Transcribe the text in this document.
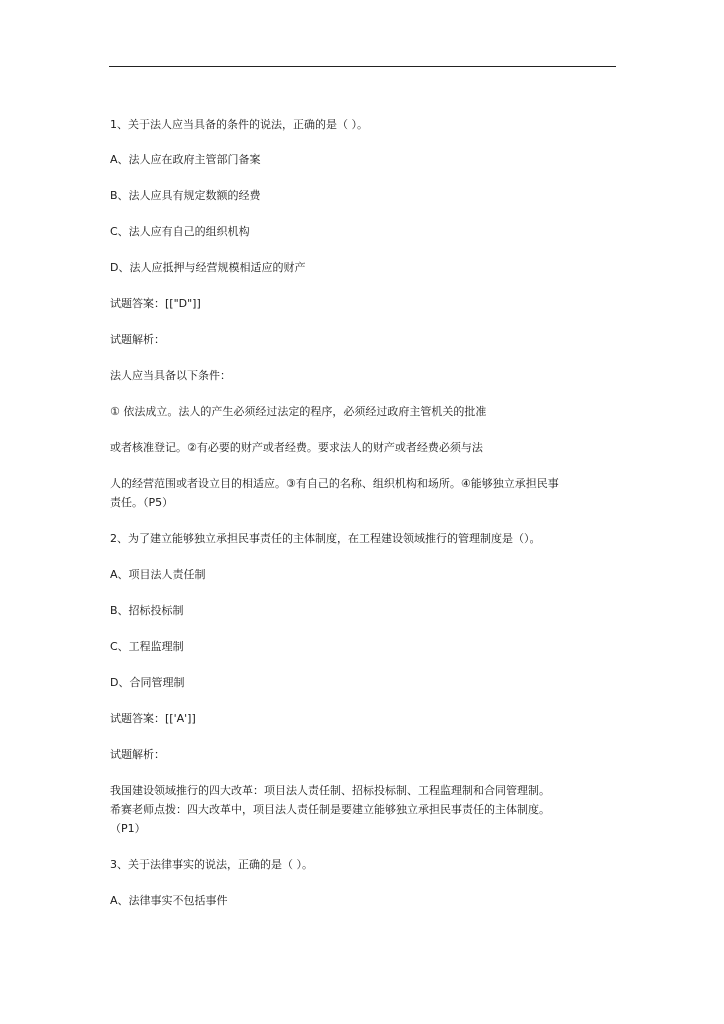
1、关于法人应当具备的条件的说法，正确的是（ ）。

A、法人应在政府主管部门备案

B、法人应具有规定数额的经费

C、法人应有自己的组织机构

D、法人应抵押与经营规模相适应的财产

试题答案：[["D"]]

试题解析：

法人应当具备以下条件：

① 依法成立。法人的产生必须经过法定的程序，必须经过政府主管机关的批准

或者核准登记。②有必要的财产或者经费。要求法人的财产或者经费必须与法

人的经营范围或者设立目的相适应。③有自己的名称、组织机构和场所。④能够独立承担民事

责任。（P5）

2、为了建立能够独立承担民事责任的主体制度，在工程建设领域推行的管理制度是（）。

A、项目法人责任制

B、招标投标制

C、工程监理制

D、合同管理制

试题答案：[['A']]

试题解析：

我国建设领域推行的四大改革：项目法人责任制、招标投标制、工程监理制和合同管理制。

希赛老师点拨：四大改革中，项目法人责任制是要建立能够独立承担民事责任的主体制度。

（P1）

3、关于法律事实的说法，正确的是（ ）。

A、法律事实不包括事件
